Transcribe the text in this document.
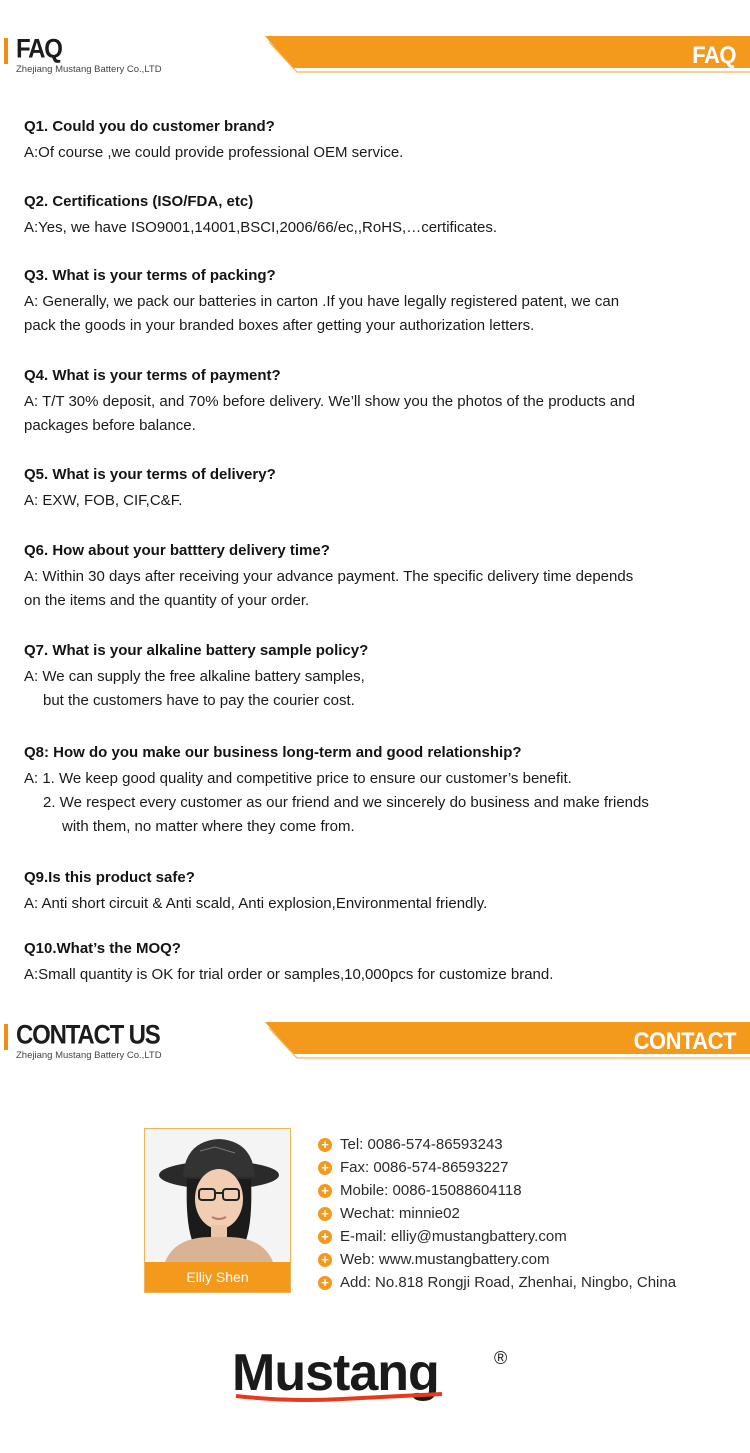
FAQ
Zhejiang Mustang Battery Co.,LTD
FAQ

Q1. Could you do customer brand?

A:Of course ,we could provide professional OEM service.

Q2. Certifications (ISO/FDA, etc)

A:Yes, we have ISO9001,14001,BSCI,2006/66/ec,,RoHS,…certificates.

Q3. What is your terms of packing?

A: Generally, we pack our batteries in carton .If you have legally registered patent, we can
pack the goods in your branded boxes after getting your authorization letters.

Q4. What is your terms of payment?

A: T/T 30% deposit, and 70% before delivery. We’ll show you the photos of the products and
packages before balance.

Q5. What is your terms of delivery?

A: EXW, FOB, CIF,C&F.

Q6. How about your batttery delivery time?

A: Within 30 days after receiving your advance payment. The specific delivery time depends
on the items and the quantity of your order.

Q7. What is your alkaline battery sample policy?

A: We can supply the free alkaline battery samples,
but the customers have to pay the courier cost.

Q8: How do you make our business long-term and good relationship?

A: 1. We keep good quality and competitive price to ensure our customer’s benefit.
2. We respect every customer as our friend and we sincerely do business and make friends
with them, no matter where they come from.

Q9.Is this product safe?

A: Anti short circuit & Anti scald, Anti explosion,Environmental friendly.

Q10.What’s the MOQ?

A:Small quantity is OK for trial order or samples,10,000pcs for customize brand.

CONTACT US
Zhejiang Mustang Battery Co.,LTD
CONTACT
Elliy Shen
+ Tel: 0086-574-86593243
+ Fax: 0086-574-86593227
+ Mobile: 0086-15088604118
+ Wechat: minnie02
+ E-mail: elliy@mustangbattery.com
+ Web: www.mustangbattery.com
+ Add: No.818 Rongji Road, Zhenhai, Ningbo, China
Mustang	®
